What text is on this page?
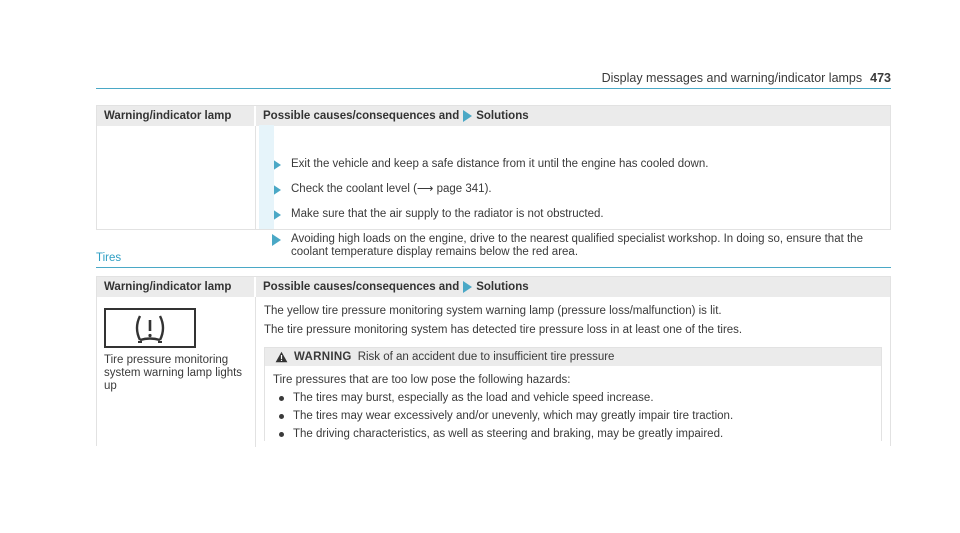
Display messages and warning/indicator lamps 473
Warning/indicator lamp	Possible causes/consequences and Solutions
Exit the vehicle and keep a safe distance from it until the engine has cooled down.
Check the coolant level (⟶ page 341).
Make sure that the air supply to the radiator is not obstructed.
Avoiding high loads on the engine, drive to the nearest qualified specialist workshop. In doing so, ensure that the coolant temperature display remains below the red area.
Tires
Warning/indicator lamp	Possible causes/consequences and Solutions
Tire pressure monitoring system warning lamp lights up
The yellow tire pressure monitoring system warning lamp (pressure loss/malfunction) is lit.
The tire pressure monitoring system has detected tire pressure loss in at least one of the tires.
WARNING Risk of an accident due to insufficient tire pressure
Tire pressures that are too low pose the following hazards:
The tires may burst, especially as the load and vehicle speed increase.
The tires may wear excessively and/or unevenly, which may greatly impair tire traction.
The driving characteristics, as well as steering and braking, may be greatly impaired.
